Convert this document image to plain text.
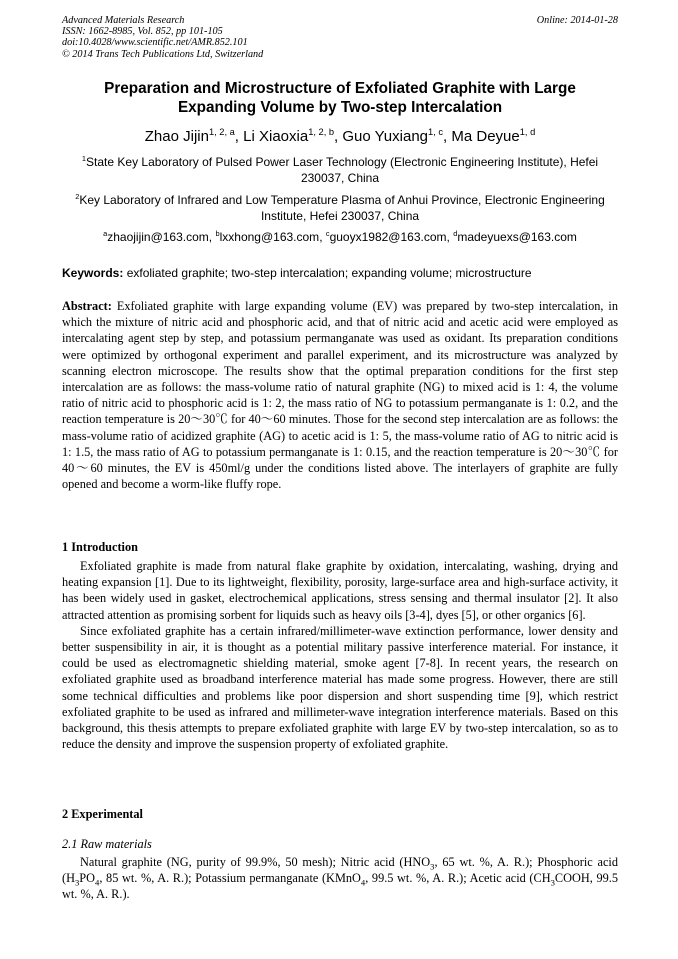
Advanced Materials Research
ISSN: 1662-8985, Vol. 852, pp 101-105
doi:10.4028/www.scientific.net/AMR.852.101
© 2014 Trans Tech Publications Ltd, Switzerland
Online: 2014-01-28
Preparation and Microstructure of Exfoliated Graphite with Large
Expanding Volume by Two-step Intercalation
Zhao Jijin$^{1, 2, a}$, Li Xiaoxia$^{1, 2, b}$, Guo Yuxiang$^{1, c}$, Ma Deyue$^{1, d}$
$^1$State Key Laboratory of Pulsed Power Laser Technology (Electronic Engineering Institute), Hefei
230037, China
$^2$Key Laboratory of Infrared and Low Temperature Plasma of Anhui Province, Electronic Engineering
Institute, Hefei 230037, China
$^a$zhaojijin@163.com, $^b$lxxhong@163.com, $^c$guoyx1982@163.com, $^d$madeyuexs@163.com
Keywords: exfoliated graphite; two-step intercalation; expanding volume; microstructure

Abstract: Exfoliated graphite with large expanding volume (EV) was prepared by two-step intercalation, in which the mixture of nitric acid and phosphoric acid, and that of nitric acid and acetic acid were employed as intercalating agent step by step, and potassium permanganate was used as oxidant. Its preparation conditions were optimized by orthogonal experiment and parallel experiment, and its microstructure was analyzed by scanning electron microscope. The results show that the optimal preparation conditions for the first step intercalation are as follows: the mass-volume ratio of natural graphite (NG) to mixed acid is 1: 4, the volume ratio of nitric acid to phosphoric acid is 1: 2, the mass ratio of NG to potassium permanganate is 1: 0.2, and the reaction temperature is 20～30℃ for 40～60 minutes. Those for the second step intercalation are as follows: the mass-volume ratio of acidized graphite (AG) to acetic acid is 1: 5, the mass-volume ratio of AG to nitric acid is 1: 1.5, the mass ratio of AG to potassium permanganate is 1: 0.15, and the reaction temperature is 20～30℃ for 40～60 minutes, the EV is 450ml/g under the conditions listed above. The interlayers of graphite are fully opened and become a worm-like fluffy rope.

1 Introduction

Exfoliated graphite is made from natural flake graphite by oxidation, intercalating, washing, drying and heating expansion [1]. Due to its lightweight, flexibility, porosity, large-surface area and high-surface activity, it has been widely used in gasket, electrochemical applications, stress sensing and thermal insulator [2]. It also attracted attention as promising sorbent for liquids such as heavy oils [3-4], dyes [5], or other organics [6].

Since exfoliated graphite has a certain infrared/millimeter-wave extinction performance, lower density and better suspensibility in air, it is thought as a potential military passive interference material. For instance, it could be used as electromagnetic shielding material, smoke agent [7-8]. In recent years, the research on exfoliated graphite used as broadband interference material has made some progress. However, there are still some technical difficulties and problems like poor dispersion and short suspending time [9], which restrict exfoliated graphite to be used as infrared and millimeter-wave integration interference materials. Based on this background, this thesis attempts to prepare exfoliated graphite with large EV by two-step intercalation, so as to reduce the density and improve the suspension property of exfoliated graphite.

2 Experimental
2.1 Raw materials

Natural graphite (NG, purity of 99.9%, 50 mesh); Nitric acid ($HNO_3$, 65 wt. %, A. R.); Phosphoric acid ($H_3PO_4$, 85 wt. %, A. R.); Potassium permanganate (KMnO$_4$, 99.5 wt. %, A. R.); Acetic acid ($CH_3COOH$, 99.5 wt. %, A. R.).
